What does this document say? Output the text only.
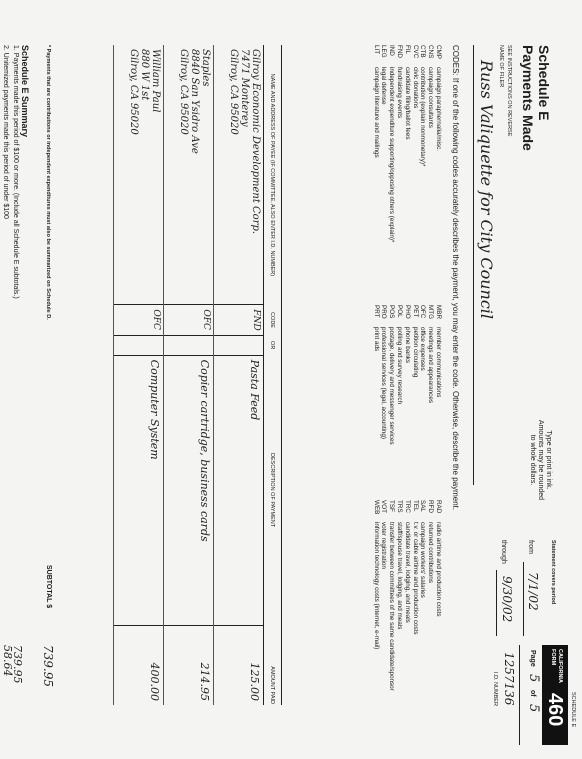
Schedule E
Payments Made
SEE INSTRUCTIONS ON REVERSE
NAME OF FILER
Russ Valiquette for City Council
Type or print in ink.
Amounts may be rounded
to whole dollars.
Statement covers period
from
7/1/02
through
9/30/02
Page
5
of
5	SCHEDULE E
CALIFORNIA FORM
460
1257136
I.D. NUMBER
CODES: If one of the following codes accurately describes the payment, you may enter the code. Otherwise, describe the payment.
CMPcampaign paraphernalia/misc.
CNScampaign consultants
CTBcontribution (explain nonmonetary)*
CVCcivic donations
FILcandidate filing/ballot fees
FNDfundraising events
INDindependent expenditure supporting/opposing others (explain)*
LEGlegal defense
LITcampaign literature and mailings
MBRmember communications
MTGmeetings and appearances
OFCoffice expenses
PETpetition circulating
PHOphone banks
POLpolling and survey research
POSpostage, delivery and messenger services
PROprofessional services (legal, accounting)
PRTprint ads
RADradio airtime and production costs
RFDreturned contributions
SALcampaign workers' salaries
TELt.v. or cable airtime and production costs
TRCcandidate travel, lodging, and meals
TRSstaff/spouse travel, lodging, and meals
TSFtransfer between committees of the same candidate/sponsor
VOTvoter registration
WEBinformation technology costs (internet, e-mail)
NAME AND ADDRESS OF PAYEE (IF COMMITTEE, ALSO ENTER I.D. NUMBER)	CODE	OR	DESCRIPTION OF PAYMENT	AMOUNT PAID

Gilroy Economic Development Corp.
7471 Monterey
Gilroy, CA 95020	FND		Pasta Feed	125.00

Staples
8840 San Ysidro Ave
Gilroy, CA 95020	OFC		Copier cartridge, business cards	214.95

William Paul
880 W 1st
Gilroy, CA 95020	OFC		Computer System	400.00
* Payments that are contributions or independent expenditures must also be summarized on Schedule D.
SUBTOTAL $
739.95
Schedule E Summary
1. Payments made this period of $100 or more. (Include all Schedule E subtotals.)
739.95
2. Unitemized payments made this period of under $100
58.64
